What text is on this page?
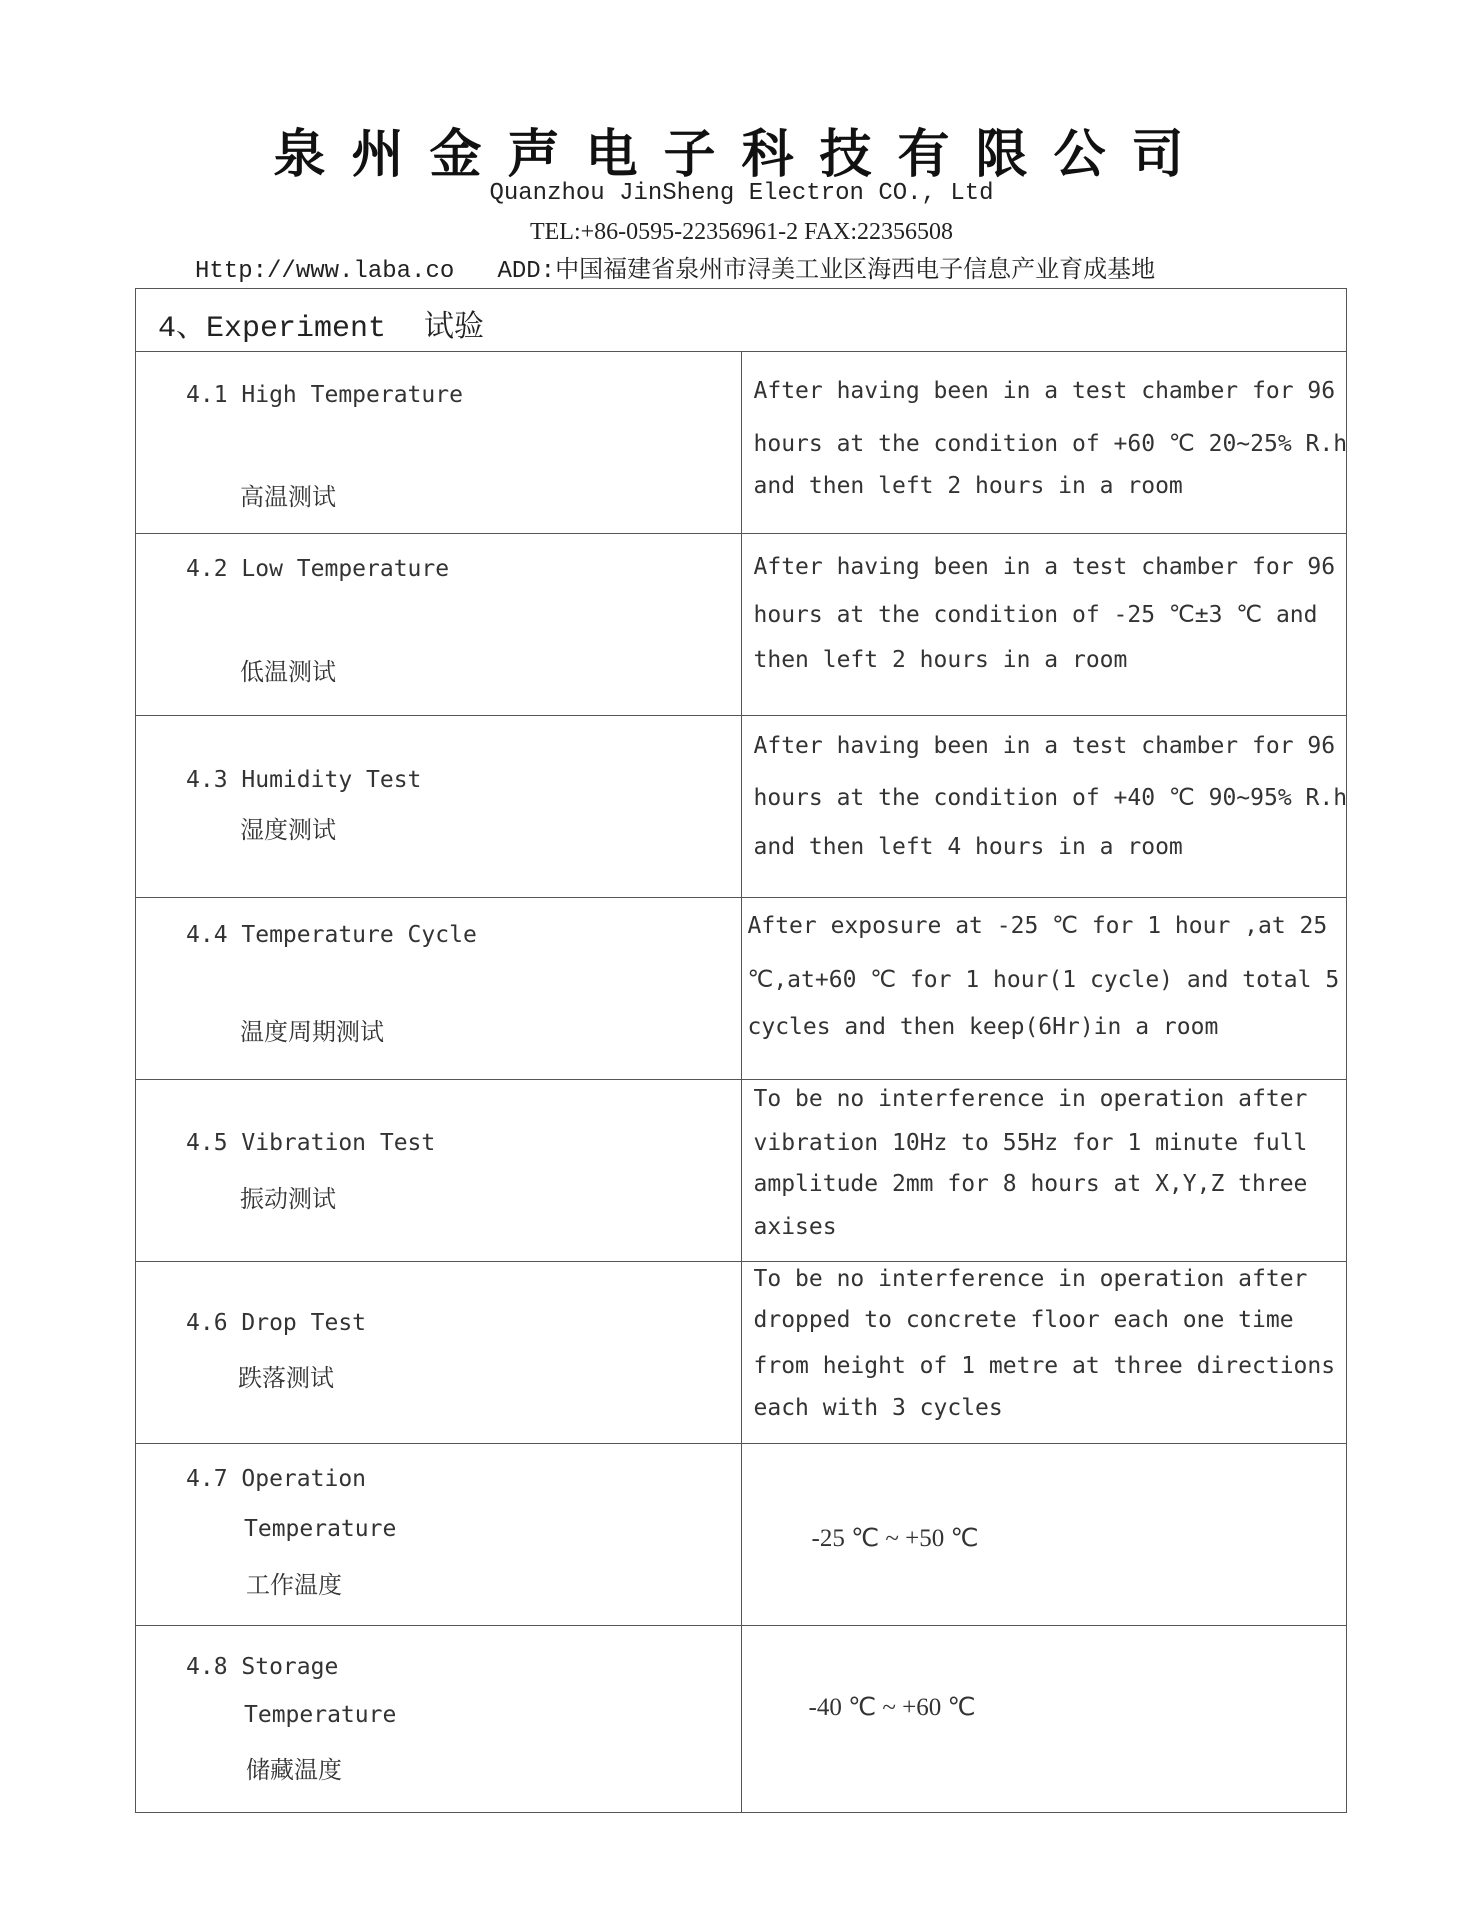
泉州金声电子科技有限公司
Quanzhou JinSheng Electron CO., Ltd
TEL:+86-0595-22356961-2 FAX:22356508
Http://www.laba.co ADD:中国福建省泉州市浔美工业区海西电子信息产业育成基地
4、Experiment 试验	

4.1 High Temperature
高温测试	After having been in a test chamber for 96
hours at the condition of +60 ℃ 20~25% R.h
and then left 2 hours in a room

4.2 Low Temperature
低温测试	After having been in a test chamber for 96
hours at the condition of -25 ℃±3 ℃ and
then left 2 hours in a room

4.3 Humidity Test
湿度测试	After having been in a test chamber for 96
hours at the condition of +40 ℃ 90~95% R.h
and then left 4 hours in a room

4.4 Temperature Cycle
温度周期测试	After exposure at -25 ℃ for 1 hour ,at 25
℃,at+60 ℃ for 1 hour(1 cycle) and total 5
cycles and then keep(6Hr)in a room

4.5 Vibration Test
振动测试	To be no interference in operation after
vibration 10Hz to 55Hz for 1 minute full
amplitude 2mm for 8 hours at X,Y,Z three
axises

4.6 Drop Test
跌落测试	To be no interference in operation after
dropped to concrete floor each one time
from height of 1 metre at three directions
each with 3 cycles

4.7 Operation
Temperature
工作温度	-25 ℃ ~ +50 ℃

4.8 Storage
Temperature
储藏温度	-40 ℃ ~ +60 ℃
